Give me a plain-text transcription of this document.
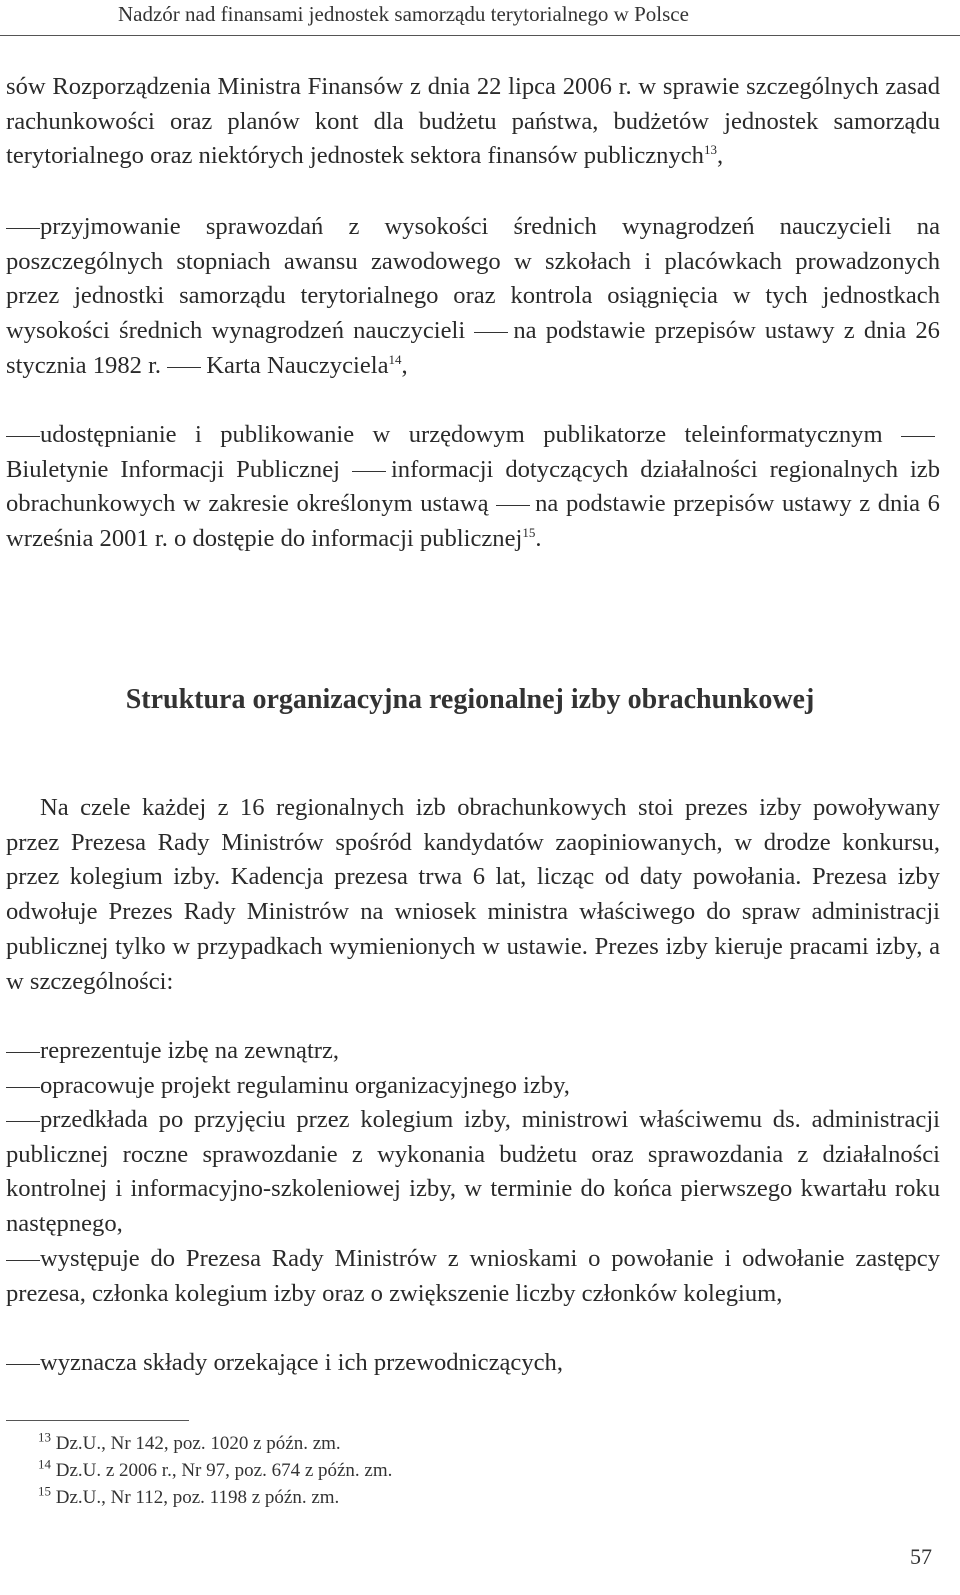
Nadzór nad finansami jednostek samorządu terytorialnego w Polsce

sów Rozporządzenia Ministra Finansów z dnia 22 lipca 2006 r. w sprawie szczególnych zasad rachunkowości oraz planów kont dla budżetu państwa, budżetów jednostek samorządu terytorialnego oraz niektórych jednostek sektora finansów publicznych$^{13}$,

przyjmowanie sprawozdań z wysokości średnich wynagrodzeń nauczycieli na poszczególnych stopniach awansu zawodowego w szkołach i placówkach prowadzonych przez jednostki samorządu terytorialnego oraz kontrola osiągnięcia w tych jednostkach wysokości średnich wynagrodzeń nauczycieli na podstawie przepisów ustawy z dnia 26 stycznia 1982 r. Karta Nauczyciela$^{14}$,

udostępnianie i publikowanie w urzędowym publikatorze teleinformatycznym Biuletynie Informacji Publicznej informacji dotyczących działalności regionalnych izb obrachunkowych w zakresie określonym ustawą na podstawie przepisów ustawy z dnia 6 września 2001 r. o dostępie do informacji publicznej$^{15}$.

Struktura organizacyjna regionalnej izby obrachunkowej

Na czele każdej z 16 regionalnych izb obrachunkowych stoi prezes izby powoływany przez Prezesa Rady Ministrów spośród kandydatów zaopiniowanych, w drodze konkursu, przez kolegium izby. Kadencja prezesa trwa 6 lat, licząc od daty powołania. Prezesa izby odwołuje Prezes Rady Ministrów na wniosek ministra właściwego do spraw administracji publicznej tylko w przypadkach wymienionych w ustawie. Prezes izby kieruje pracami izby, a w szczególności:

reprezentuje izbę na zewnątrz,

opracowuje projekt regulaminu organizacyjnego izby,

przedkłada po przyjęciu przez kolegium izby, ministrowi właściwemu ds. administracji publicznej roczne sprawozdanie z wykonania budżetu oraz sprawozdania z działalności kontrolnej i informacyjno-szkoleniowej izby, w terminie do końca pierwszego kwartału roku następnego,

występuje do Prezesa Rady Ministrów z wnioskami o powołanie i odwołanie zastępcy prezesa, członka kolegium izby oraz o zwiększenie liczby członków kolegium,

wyznacza składy orzekające i ich przewodniczących,

$^{13}$ Dz.U., Nr 142, poz. 1020 z późn. zm.
$^{14}$ Dz.U. z 2006 r., Nr 97, poz. 674 z późn. zm.
$^{15}$ Dz.U., Nr 112, poz. 1198 z późn. zm.
57
